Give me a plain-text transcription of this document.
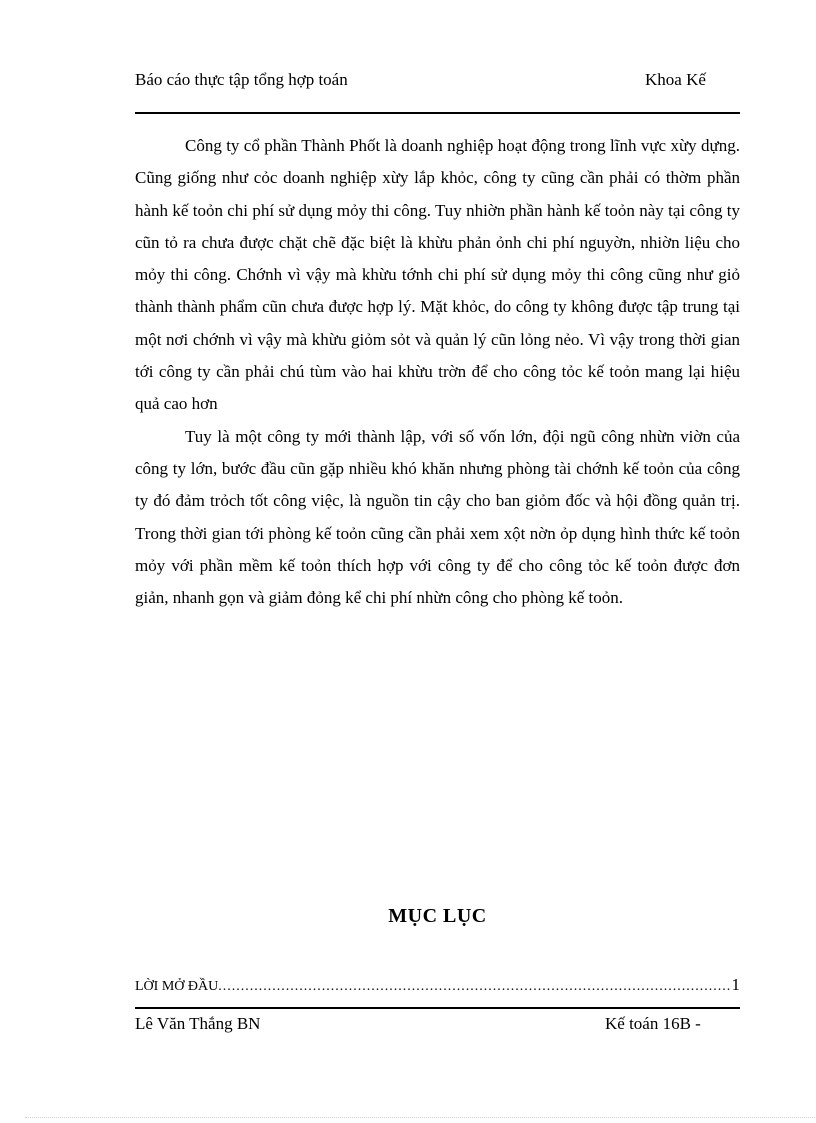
Báo cáo thực tập tổng hợp toán	Khoa Kế

Công ty cổ phần Thành Phốt là doanh nghiệp hoạt động trong lĩnh vực xừy dựng. Cũng giống như cỏc doanh nghiệp xừy lắp khỏc, công ty cũng cần phải có thờm phần hành kế toỏn chi phí sử dụng mỏy thi công. Tuy nhiờn phần hành kế toỏn này tại công ty cũn tỏ ra chưa được chặt chẽ đặc biệt là khừu phản ỏnh chi phí nguyờn, nhiờn liệu cho mỏy thi công. Chớnh vì vậy mà khừu tớnh chi phí sử dụng mỏy thi công cũng như giỏ thành thành phẩm cũn chưa được hợp lý. Mặt khỏc, do công ty không được tập trung tại một nơi chớnh vì vậy mà khừu giỏm sỏt và quản lý cũn lỏng nẻo. Vì vậy trong thời gian tới công ty cần phải chú tùm vào hai khừu trờn để cho công tỏc kế toỏn mang lại hiệu quả cao hơn

Tuy là một công ty mới thành lập, với số vốn lớn, đội ngũ công nhừn viờn của công ty lớn, bước đầu cũn gặp nhiều khó khăn nhưng phòng tài chớnh kế toỏn của công ty đó đảm trỏch tốt công việc, là nguồn tin cậy cho ban giỏm đốc và hội đồng quản trị. Trong thời gian tới phòng kế toỏn cũng cần phải xem xột nờn ỏp dụng hình thức kế toỏn mỏy với phần mềm kế toỏn thích hợp với công ty để cho công tỏc kế toỏn được đơn giản, nhanh gọn và giảm đỏng kể chi phí nhừn công cho phòng kế toỏn.

MỤC LỤC
LỜI MỞ ĐẦU
.....	1
Lê Văn Thắng BN	Kế toán 16B -
